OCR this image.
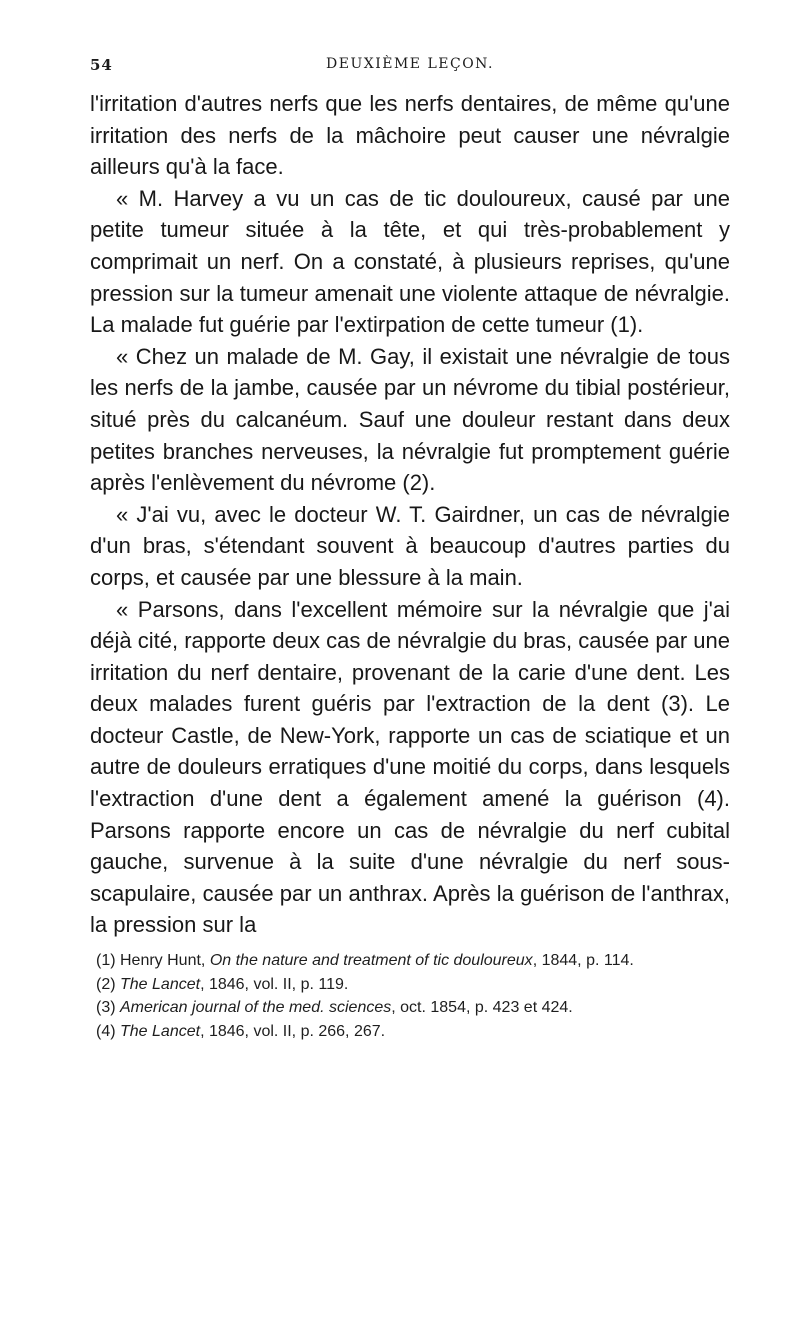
54	DEUXIÈME LEÇON.

l'irritation d'autres nerfs que les nerfs dentaires, de même qu'une irritation des nerfs de la mâchoire peut causer une névralgie ailleurs qu'à la face.

« M. Harvey a vu un cas de tic douloureux, causé par une petite tumeur située à la tête, et qui très-probablement y comprimait un nerf. On a constaté, à plusieurs reprises, qu'une pression sur la tumeur amenait une violente attaque de névralgie. La malade fut guérie par l'extirpation de cette tumeur (1).

« Chez un malade de M. Gay, il existait une névralgie de tous les nerfs de la jambe, causée par un névrome du tibial postérieur, situé près du calcanéum. Sauf une douleur restant dans deux petites branches nerveuses, la névralgie fut promptement guérie après l'enlèvement du névrome (2).

« J'ai vu, avec le docteur W. T. Gairdner, un cas de névralgie d'un bras, s'étendant souvent à beaucoup d'autres parties du corps, et causée par une blessure à la main.

« Parsons, dans l'excellent mémoire sur la névralgie que j'ai déjà cité, rapporte deux cas de névralgie du bras, causée par une irritation du nerf dentaire, provenant de la carie d'une dent. Les deux malades furent guéris par l'extraction de la dent (3). Le docteur Castle, de New-York, rapporte un cas de sciatique et un autre de douleurs erratiques d'une moitié du corps, dans lesquels l'extraction d'une dent a également amené la guérison (4). Parsons rapporte encore un cas de névralgie du nerf cubital gauche, survenue à la suite d'une névralgie du nerf sous-scapulaire, causée par un anthrax. Après la guérison de l'anthrax, la pression sur la

(1) Henry Hunt, On the nature and treatment of tic douloureux, 1844, p. 114.

(2) The Lancet, 1846, vol. II, p. 119.

(3) American journal of the med. sciences, oct. 1854, p. 423 et 424.

(4) The Lancet, 1846, vol. II, p. 266, 267.
